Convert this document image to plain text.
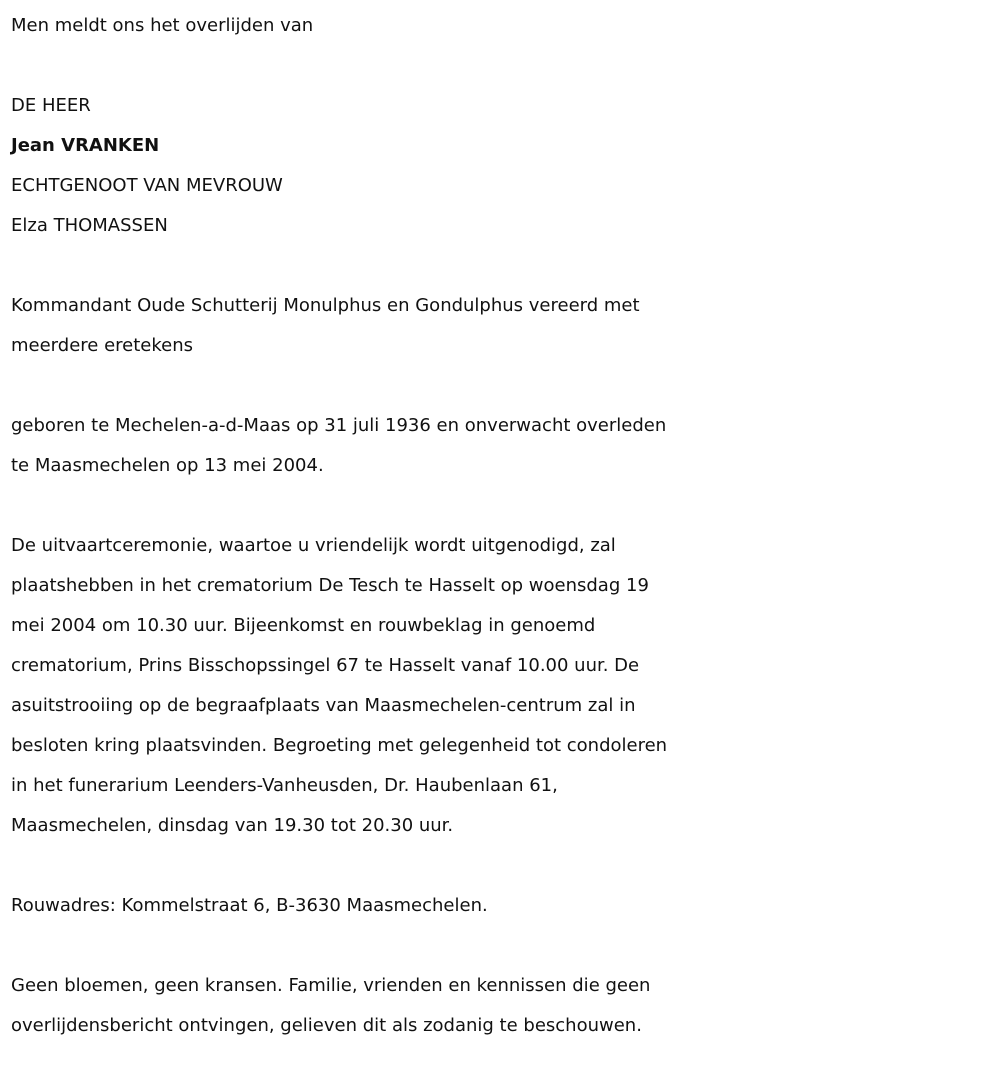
Men meldt ons het overlijden van

DE HEER

Jean VRANKEN

ECHTGENOOT VAN MEVROUW

Elza THOMASSEN

Kommandant Oude Schutterij Monulphus en Gondulphus vereerd met

meerdere eretekens

geboren te Mechelen-a-d-Maas op 31 juli 1936 en onverwacht overleden

te Maasmechelen op 13 mei 2004.

De uitvaartceremonie, waartoe u vriendelijk wordt uitgenodigd, zal

plaatshebben in het crematorium De Tesch te Hasselt op woensdag 19

mei 2004 om 10.30 uur. Bijeenkomst en rouwbeklag in genoemd

crematorium, Prins Bisschopssingel 67 te Hasselt vanaf 10.00 uur. De

asuitstrooiing op de begraafplaats van Maasmechelen-centrum zal in

besloten kring plaatsvinden. Begroeting met gelegenheid tot condoleren

in het funerarium Leenders-Vanheusden, Dr. Haubenlaan 61,

Maasmechelen, dinsdag van 19.30 tot 20.30 uur.

Rouwadres: Kommelstraat 6, B-3630 Maasmechelen.

Geen bloemen, geen kransen. Familie, vrienden en kennissen die geen

overlijdensbericht ontvingen, gelieven dit als zodanig te beschouwen.
